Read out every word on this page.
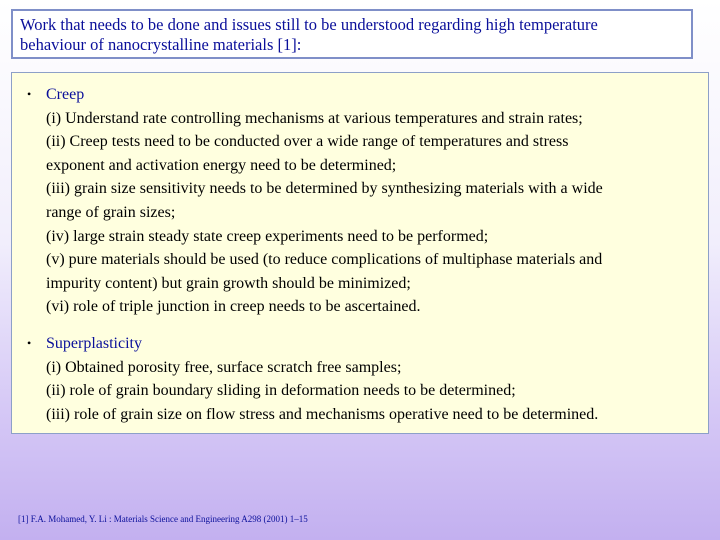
Work that needs to be done and issues still to be understood regarding high temperature
behaviour of nanocrystalline materials [1]:
• Creep
(i) Understand rate controlling mechanisms at various temperatures and strain rates;
(ii) Creep tests need to be conducted over a wide range of temperatures and stress
exponent and activation energy need to be determined;
(iii) grain size sensitivity needs to be determined by synthesizing materials with a wide
range of grain sizes;
(iv) large strain steady state creep experiments need to be performed;
(v) pure materials should be used (to reduce complications of multiphase materials and
impurity content) but grain growth should be minimized;
(vi) role of triple junction in creep needs to be ascertained.
• Superplasticity
(i) Obtained porosity free, surface scratch free samples;
(ii) role of grain boundary sliding in deformation needs to be determined;
(iii) role of grain size on flow stress and mechanisms operative need to be determined.
[1] F.A. Mohamed, Y. Li : Materials Science and Engineering A298 (2001) 1–15
